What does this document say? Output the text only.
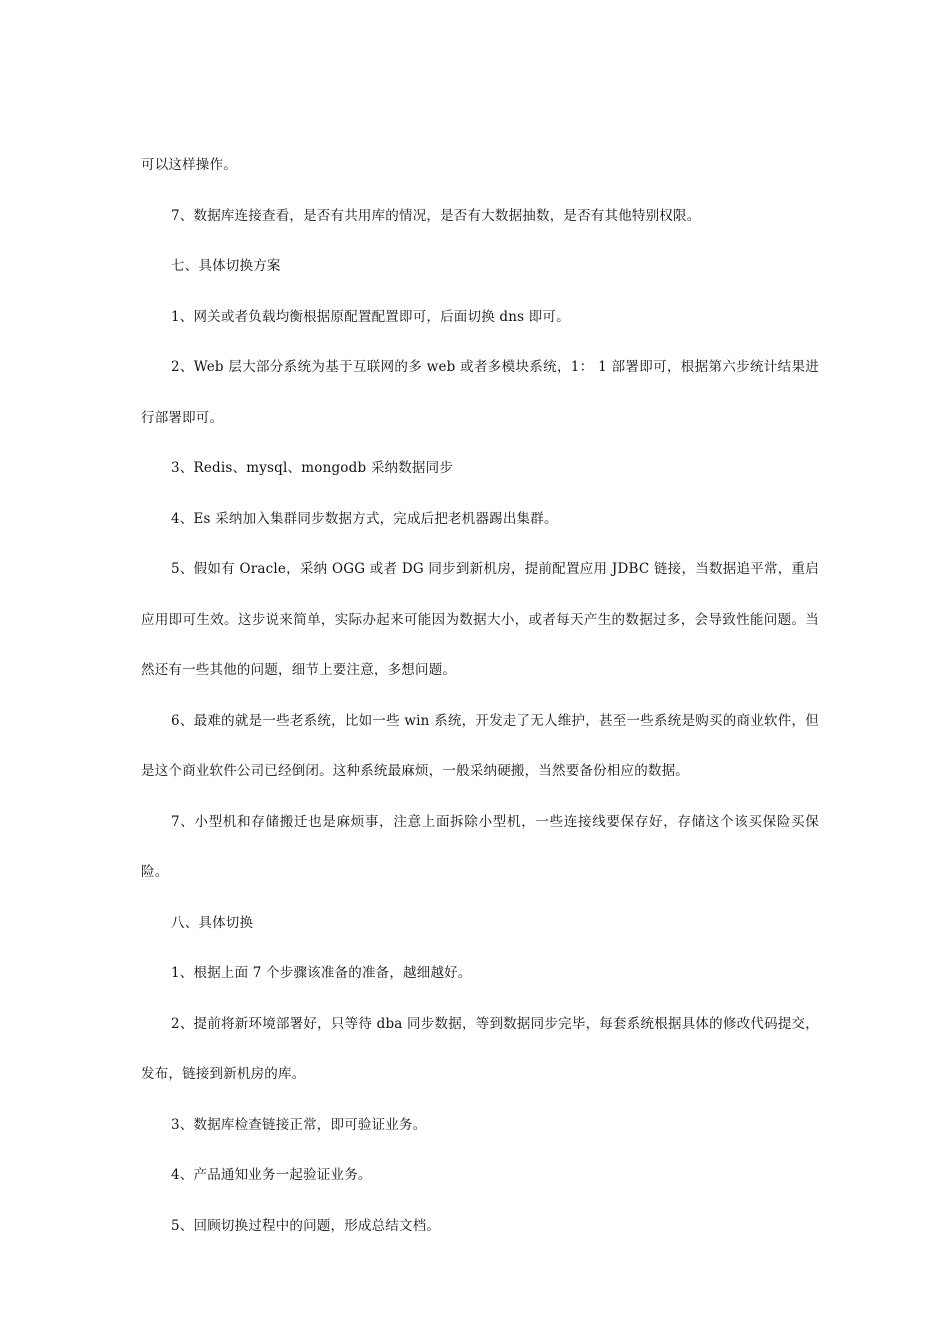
可以这样操作。

7、数据库连接查看，是否有共用库的情况，是否有大数据抽数，是否有其他特别权限。

七、具体切换方案

1、网关或者负载均衡根据原配置配置即可，后面切换 dns 即可。

2、Web 层大部分系统为基于互联网的多 web 或者多模块系统，1： 1 部署即可，根据第六步统计结果进行部署即可。

3、Redis、mysql、mongodb 采纳数据同步

4、Es 采纳加入集群同步数据方式，完成后把老机器踢出集群。

5、假如有 Oracle，采纳 OGG 或者 DG 同步到新机房，提前配置应用 JDBC 链接，当数据追平常，重启应用即可生效。这步说来简单，实际办起来可能因为数据大小，或者每天产生的数据过多，会导致性能问题。当然还有一些其他的问题，细节上要注意，多想问题。

6、最难的就是一些老系统，比如一些 win 系统，开发走了无人维护，甚至一些系统是购买的商业软件，但是这个商业软件公司已经倒闭。这种系统最麻烦，一般采纳硬搬，当然要备份相应的数据。

7、小型机和存储搬迁也是麻烦事，注意上面拆除小型机，一些连接线要保存好，存储这个该买保险买保险。

八、具体切换

1、根据上面 7 个步骤该准备的准备，越细越好。

2、提前将新环境部署好，只等待 dba 同步数据，等到数据同步完毕，每套系统根据具体的修改代码提交，发布，链接到新机房的库。

3、数据库检查链接正常，即可验证业务。

4、产品通知业务一起验证业务。

5、回顾切换过程中的问题，形成总结文档。
